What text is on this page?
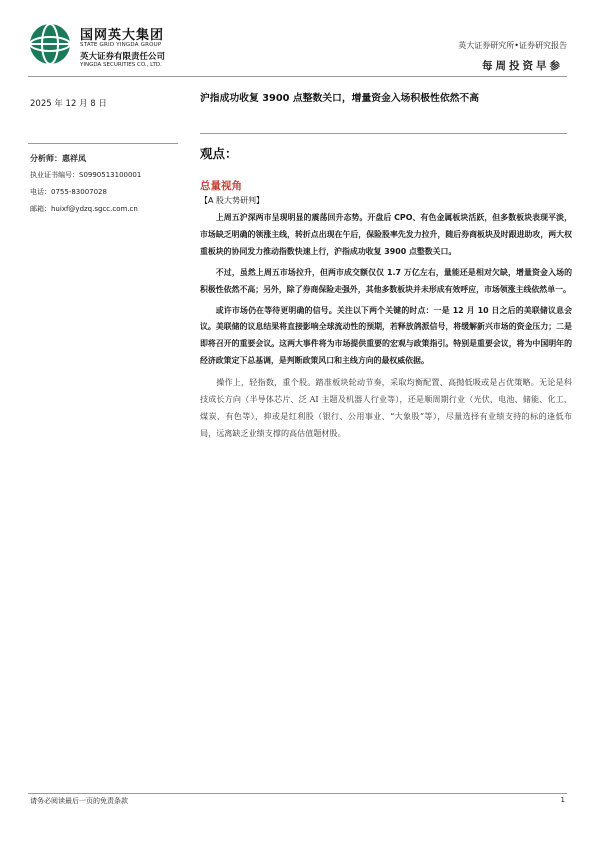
国网英大集团
STATE GRID YINGDA GROUP
英大证券有限责任公司
YINGDA SECURITIES CO., LTD.
英大证券研究所•证券研究报告
每周投资早参
2025 年 12 月 8 日	沪指成功收复 3900 点整数关口，增量资金入场积极性依然不高
分析师：惠祥凤
执业证书编号：S0990513100001
电话：0755-83007028
邮箱：huixf@ydzq.sgcc.com.cn
观点：
总量视角
【A 股大势研判】

上周五沪深两市呈现明显的震荡回升态势。开盘后 CPO、有色金属板块活跃，但多数板块表现平淡，市场缺乏明确的领涨主线，转折点出现在午后，保险股率先发力拉升，随后券商板块及时跟进助攻，两大权重板块的协同发力推动指数快速上行，沪指成功收复 3900 点整数关口。

不过，虽然上周五市场拉升，但两市成交额仅仅 1.7 万亿左右，量能还是相对欠缺，增量资金入场的积极性依然不高；另外，除了券商保险走强外，其他多数板块并未形成有效呼应，市场领涨主线依然单一。

或许市场仍在等待更明确的信号。关注以下两个关键的时点：一是 12 月 10 日之后的美联储议息会议。美联储的议息结果将直接影响全球流动性的预期，若释放鸽派信号，将缓解新兴市场的资金压力；二是即将召开的重要会议。这两大事件将为市场提供重要的宏观与政策指引。特别是重要会议，将为中国明年的经济政策定下总基调，是判断政策风口和主线方向的最权威依据。

操作上，轻指数，重个股。踏准板块轮动节奏，采取均衡配置、高抛低吸或是占优策略。无论是科技成长方向（半导体芯片、泛 AI 主题及机器人行业等），还是顺周期行业（光伏、电池、储能、化工、煤炭、有色等），抑或是红利股（银行、公用事业、“大象股”等），尽量选择有业绩支持的标的逢低布局，远离缺乏业绩支撑的高估值题材股。

请务必阅读最后一页的免责条款	1
